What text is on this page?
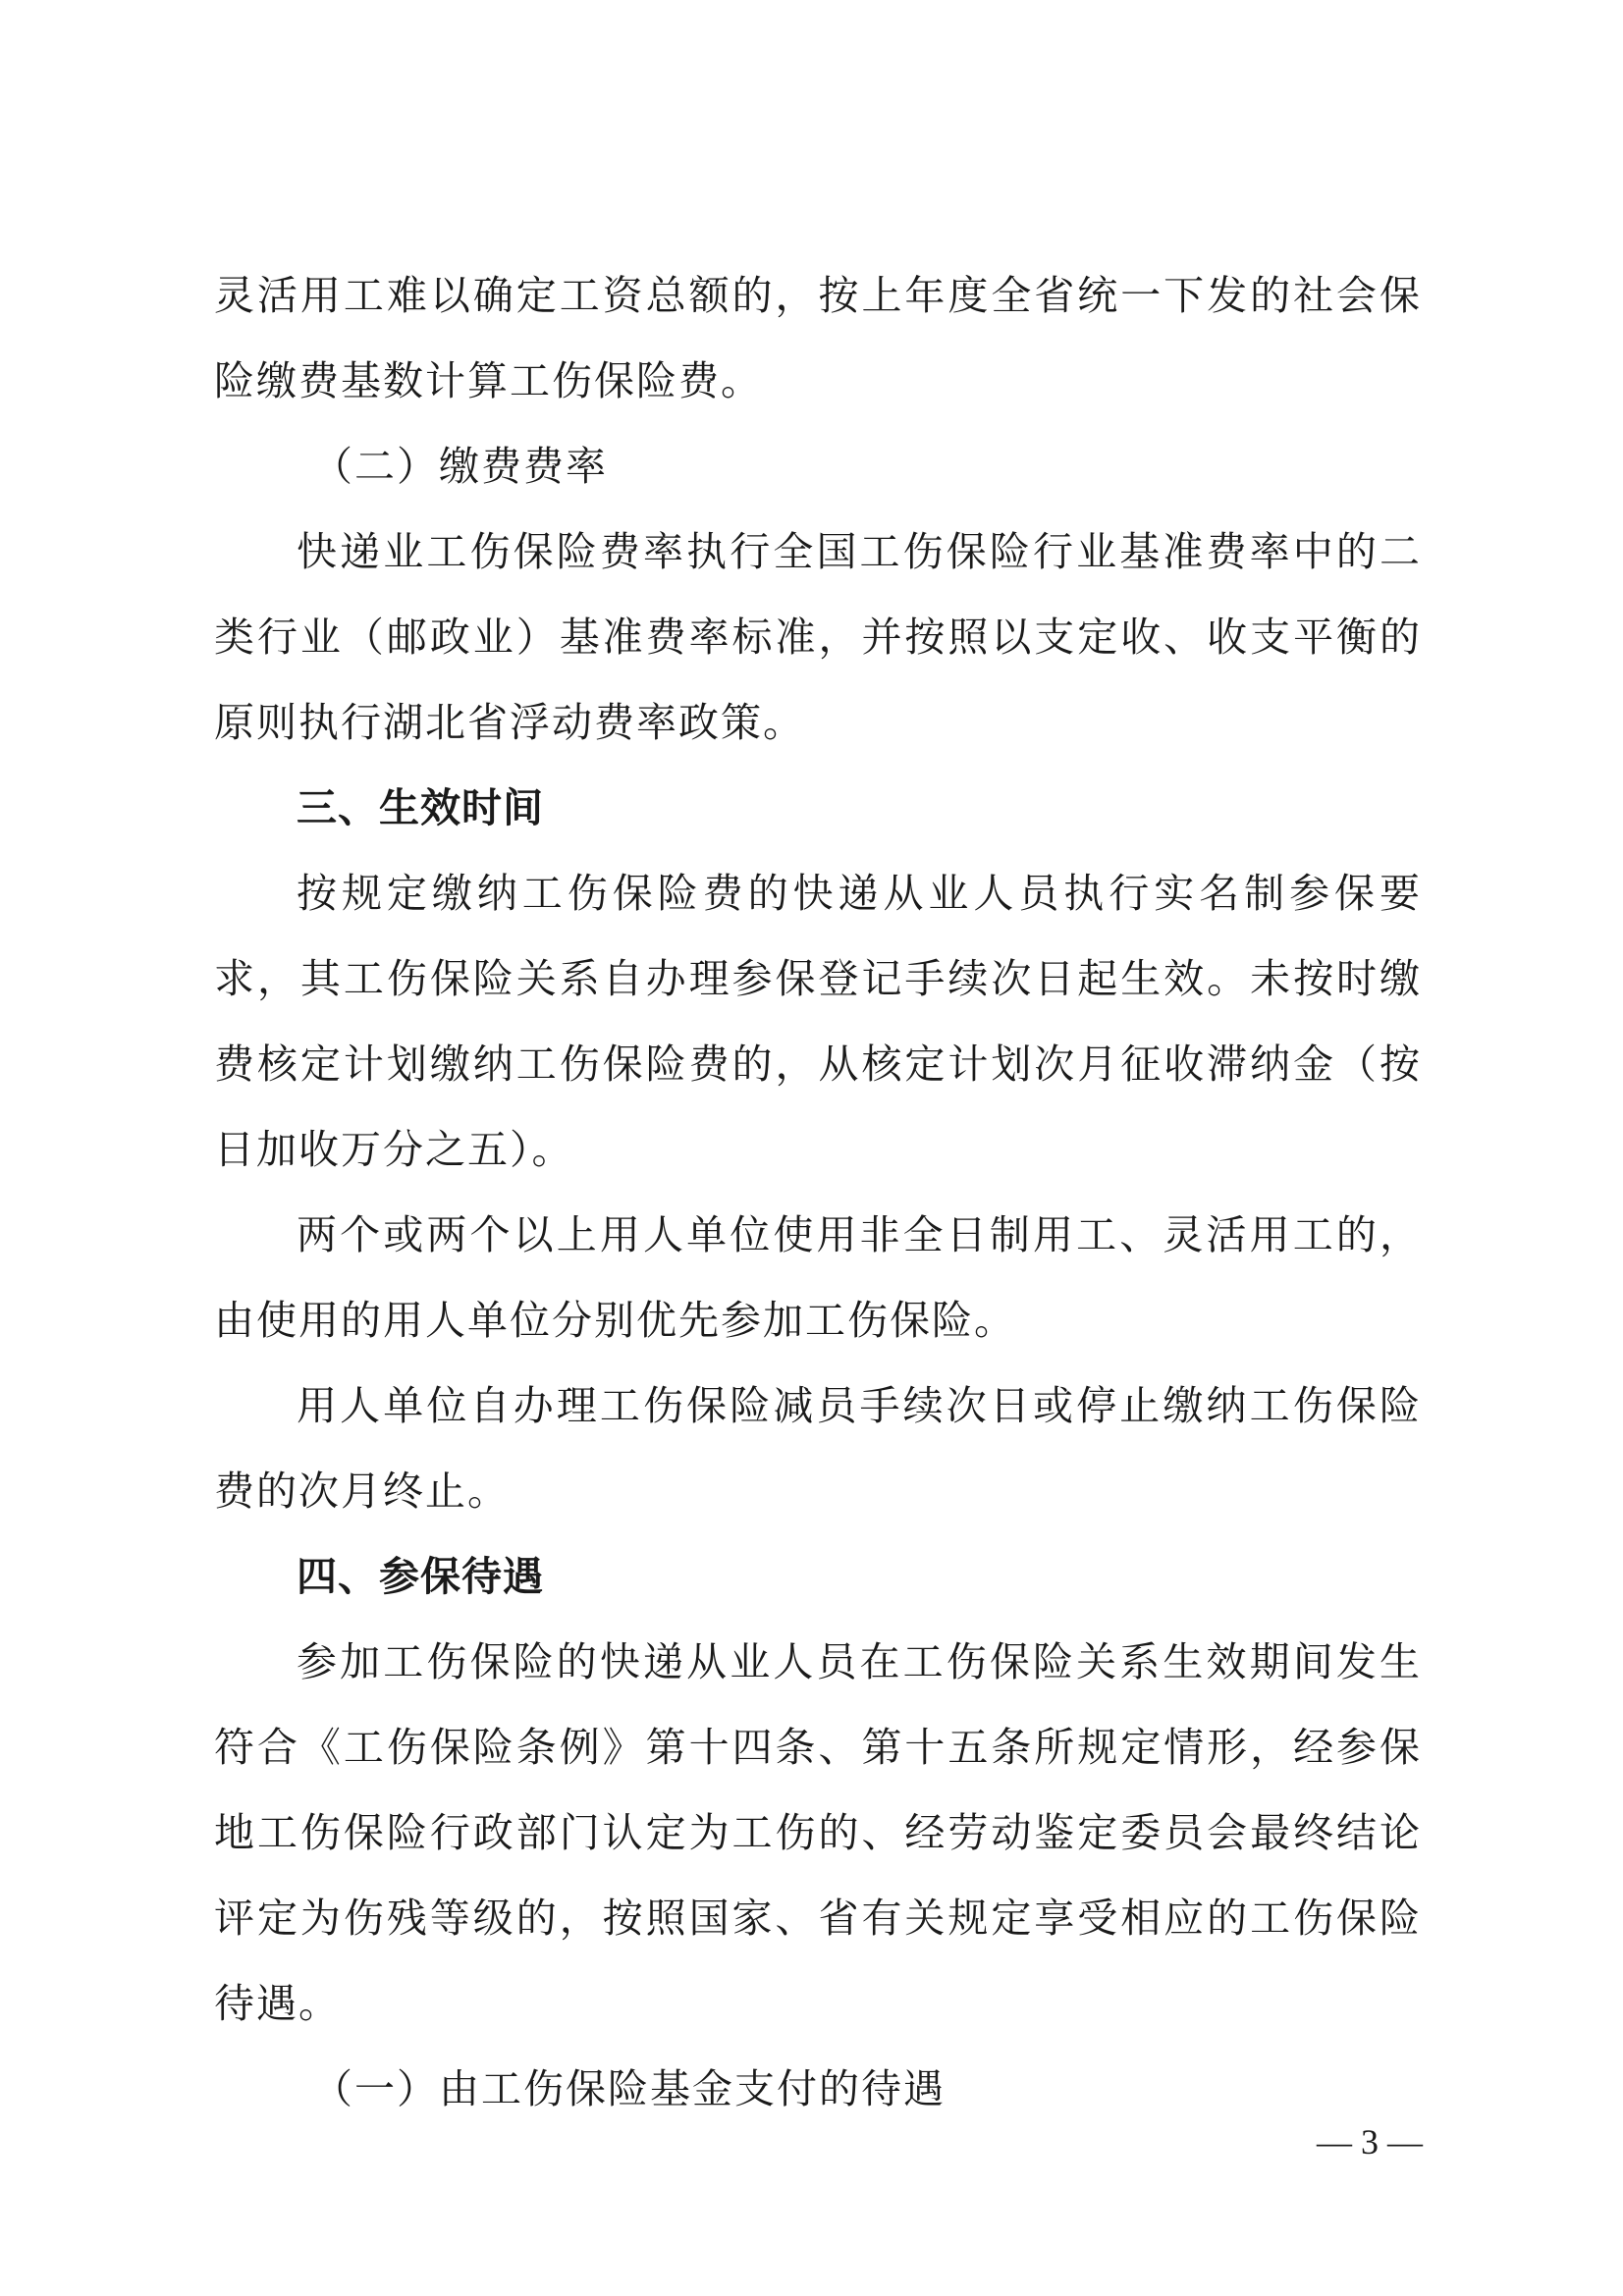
灵活用工难以确定工资总额的，按上年度全省统一下发的社会保险缴费基数计算工伤保险费。

（二）缴费费率

快递业工伤保险费率执行全国工伤保险行业基准费率中的二类行业（邮政业）基准费率标准，并按照以支定收、收支平衡的原则执行湖北省浮动费率政策。

三、生效时间

按规定缴纳工伤保险费的快递从业人员执行实名制参保要求，其工伤保险关系自办理参保登记手续次日起生效。未按时缴费核定计划缴纳工伤保险费的，从核定计划次月征收滞纳金（按日加收万分之五）。

两个或两个以上用人单位使用非全日制用工、灵活用工的，由使用的用人单位分别优先参加工伤保险。

用人单位自办理工伤保险减员手续次日或停止缴纳工伤保险费的次月终止。

四、参保待遇

参加工伤保险的快递从业人员在工伤保险关系生效期间发生符合《工伤保险条例》第十四条、第十五条所规定情形，经参保地工伤保险行政部门认定为工伤的、经劳动鉴定委员会最终结论评定为伤残等级的，按照国家、省有关规定享受相应的工伤保险待遇。

（一）由工伤保险基金支付的待遇

— 3 —
